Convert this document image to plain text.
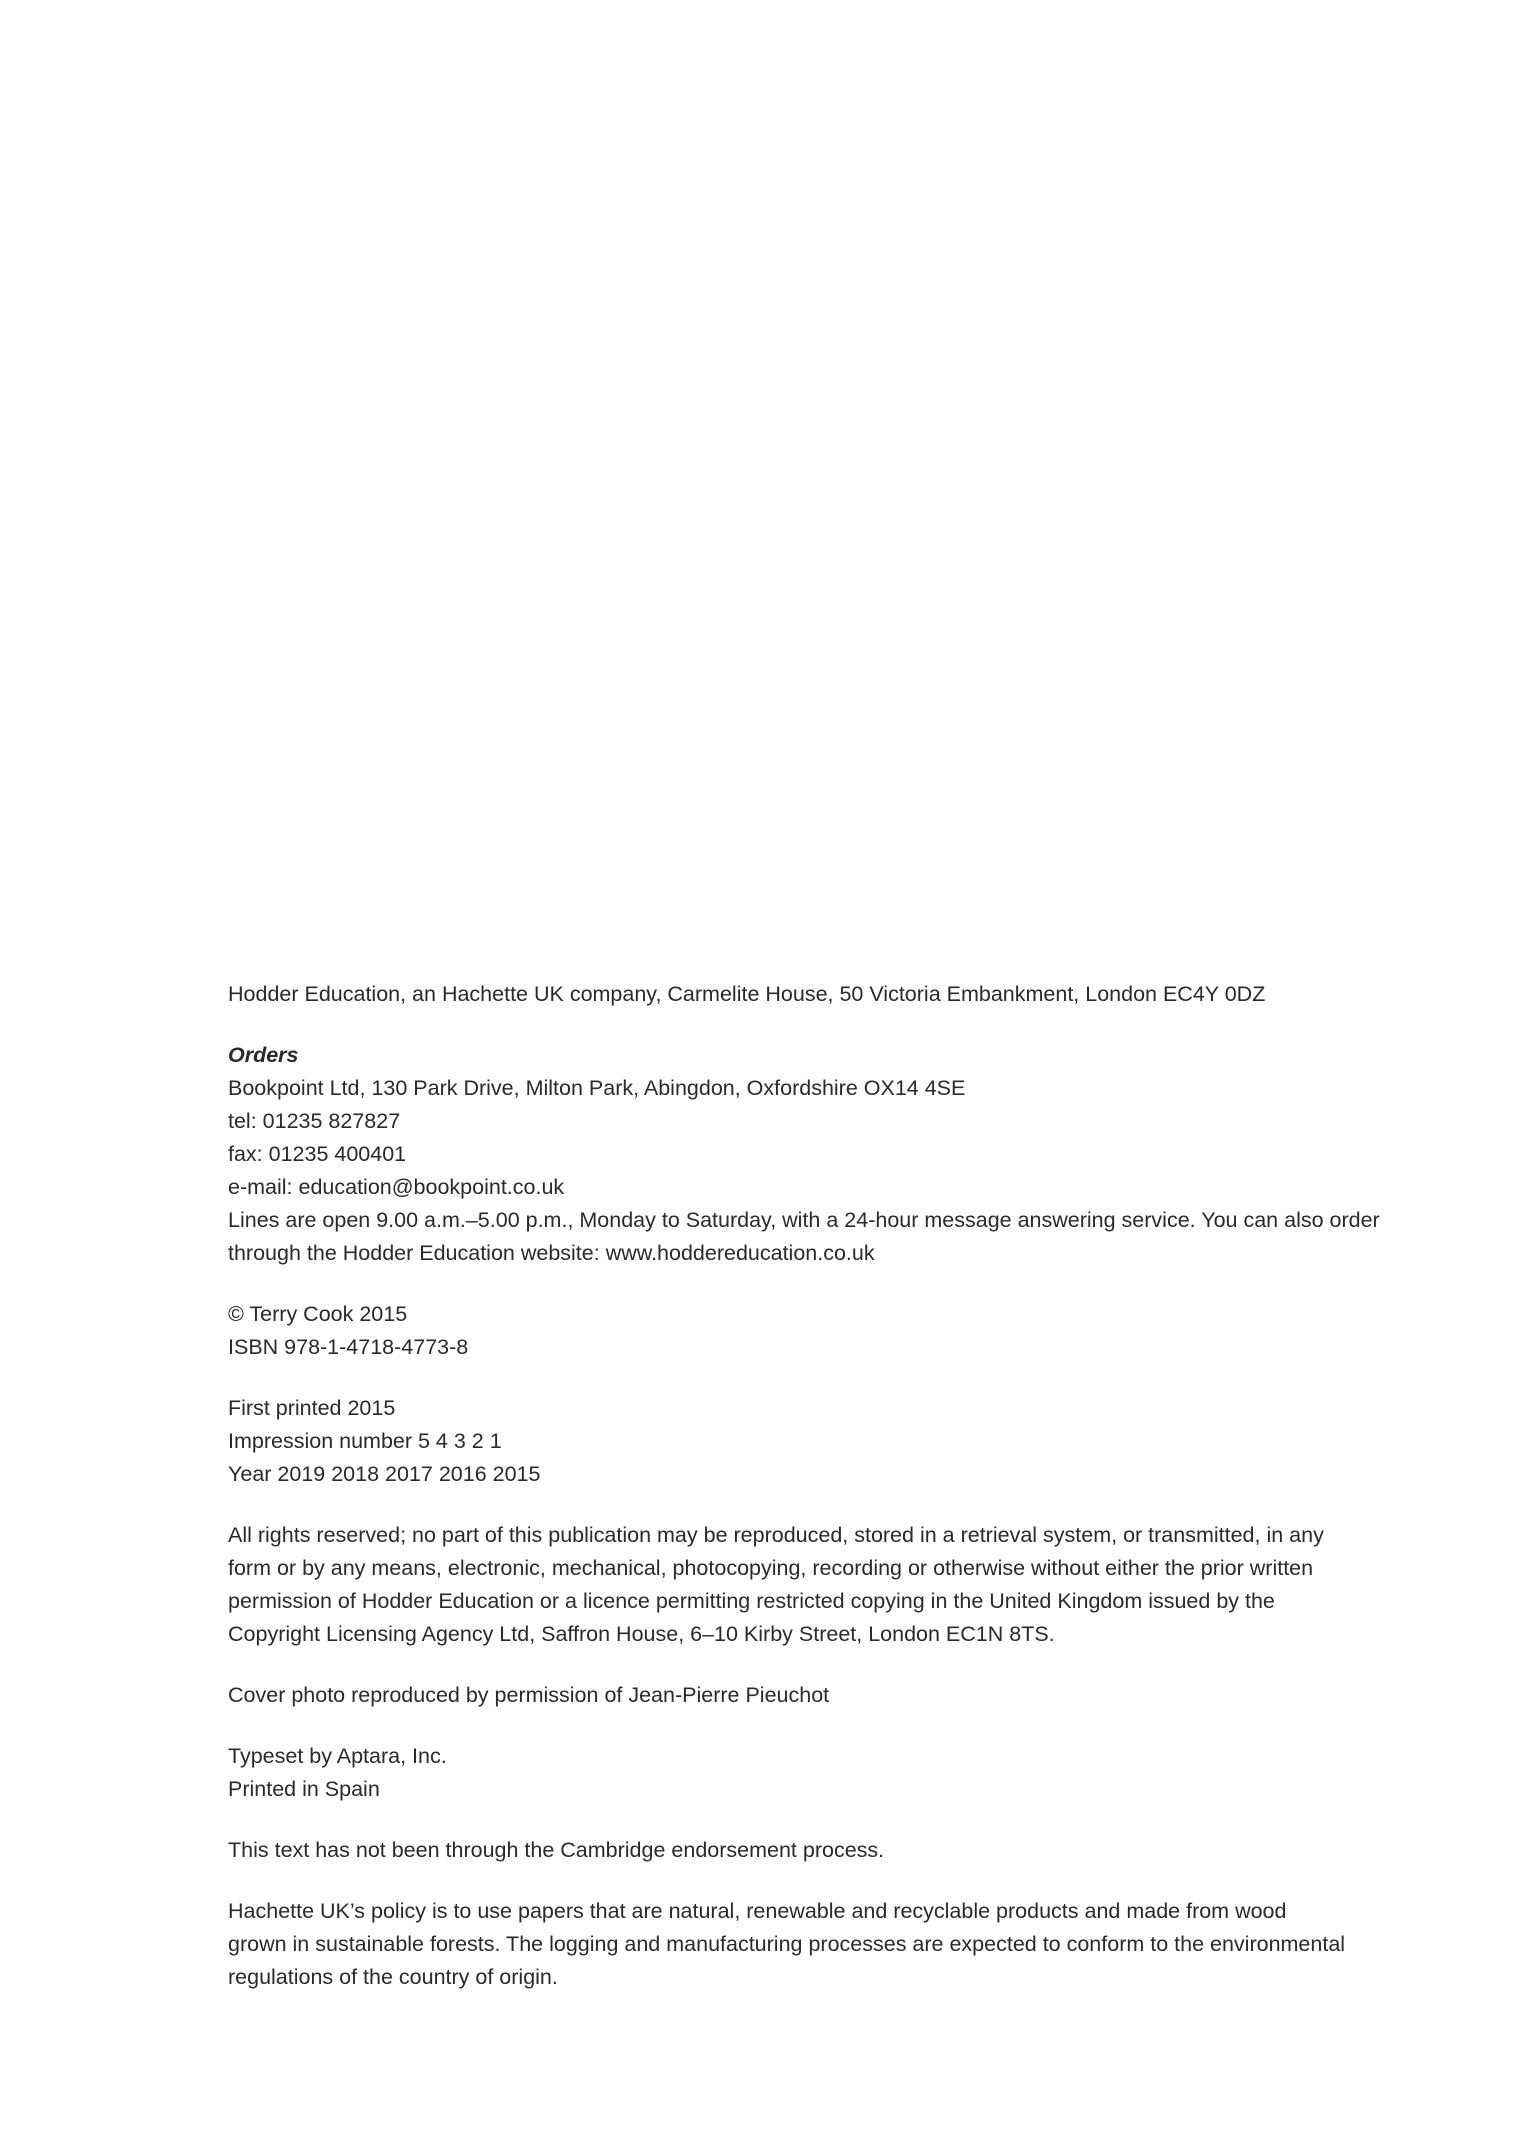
Hodder Education, an Hachette UK company, Carmelite House, 50 Victoria Embankment, London EC4Y 0DZ
Orders
Bookpoint Ltd, 130 Park Drive, Milton Park, Abingdon, Oxfordshire OX14 4SE
tel: 01235 827827
fax: 01235 400401
e-mail: education@bookpoint.co.uk
Lines are open 9.00 a.m.–5.00 p.m., Monday to Saturday, with a 24-hour message answering service. You can also order
through the Hodder Education website: www.hoddereducation.co.uk
© Terry Cook 2015
ISBN 978-1-4718-4773-8
First printed 2015
Impression number 5 4 3 2 1
Year 2019 2018 2017 2016 2015
All rights reserved; no part of this publication may be reproduced, stored in a retrieval system, or transmitted, in any
form or by any means, electronic, mechanical, photocopying, recording or otherwise without either the prior written
permission of Hodder Education or a licence permitting restricted copying in the United Kingdom issued by the
Copyright Licensing Agency Ltd, Saffron House, 6–10 Kirby Street, London EC1N 8TS.
Cover photo reproduced by permission of Jean-Pierre Pieuchot
Typeset by Aptara, Inc.
Printed in Spain
This text has not been through the Cambridge endorsement process.
Hachette UK’s policy is to use papers that are natural, renewable and recyclable products and made from wood
grown in sustainable forests. The logging and manufacturing processes are expected to conform to the environmental
regulations of the country of origin.
